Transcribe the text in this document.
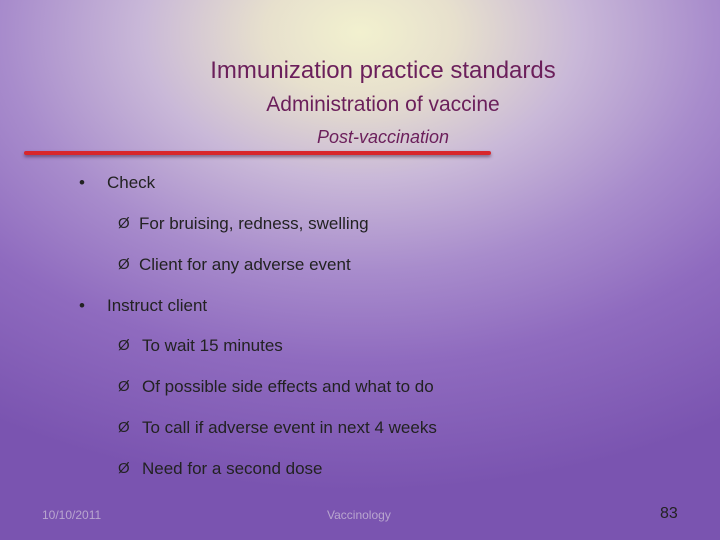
Immunization practice standards
Administration of vaccine
Post-vaccination
• Check
Ø For bruising, redness, swelling
Ø Client for any adverse event
• Instruct client
Ø To wait 15 minutes
Ø Of possible side effects and what to do
Ø To call if adverse event in next 4 weeks
Ø Need for a second dose
10/10/2011	Vaccinology	83
